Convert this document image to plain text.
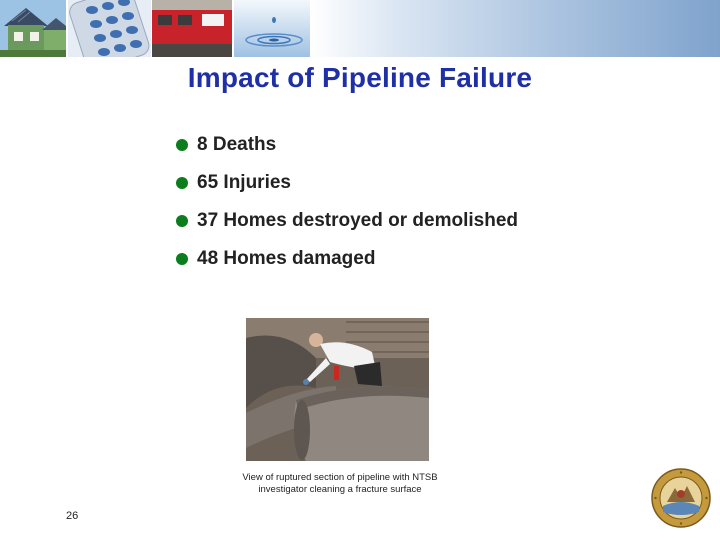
Impact of Pipeline Failure
8 Deaths
65 Injuries
37 Homes destroyed or demolished
48 Homes damaged
View of ruptured section of pipeline with NTSB
investigator cleaning a fracture surface
26
